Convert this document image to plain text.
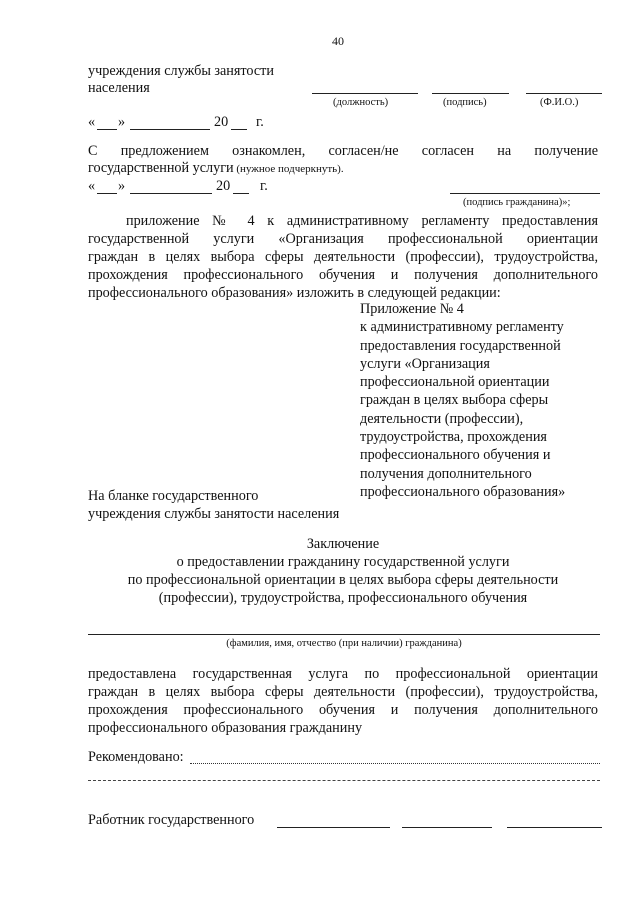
40
учреждения службы занятости
населения
(должность)	(подпись)	(Ф.И.О.)
« »	20 г.
С предложением ознакомлен, согласен/не согласен на получение
государственной услуги (нужное подчеркнуть).
« »	20 г.
(подпись гражданина)»;
приложение № 4 к административному регламенту предоставления
государственной услуги «Организация профессиональной ориентации
граждан в целях выбора сферы деятельности (профессии), трудоустройства,
прохождения профессионального обучения и получения дополнительного
профессионального образования» изложить в следующей редакции:
Приложение № 4
к административному регламенту
предоставления государственной
услуги «Организация
профессиональной ориентации
граждан в целях выбора сферы
деятельности (профессии),
трудоустройства, прохождения
профессионального обучения и
получения дополнительного
профессионального образования»
На бланке государственного
учреждения службы занятости населения
Заключение
о предоставлении гражданину государственной услуги
по профессиональной ориентации в целях выбора сферы деятельности
(профессии), трудоустройства, профессионального обучения
(фамилия, имя, отчество (при наличии) гражданина)
предоставлена государственная услуга по профессиональной ориентации
граждан в целях выбора сферы деятельности (профессии), трудоустройства,
прохождения профессионального обучения и получения дополнительного
профессионального образования гражданину
Рекомендовано:
Работник государственного
